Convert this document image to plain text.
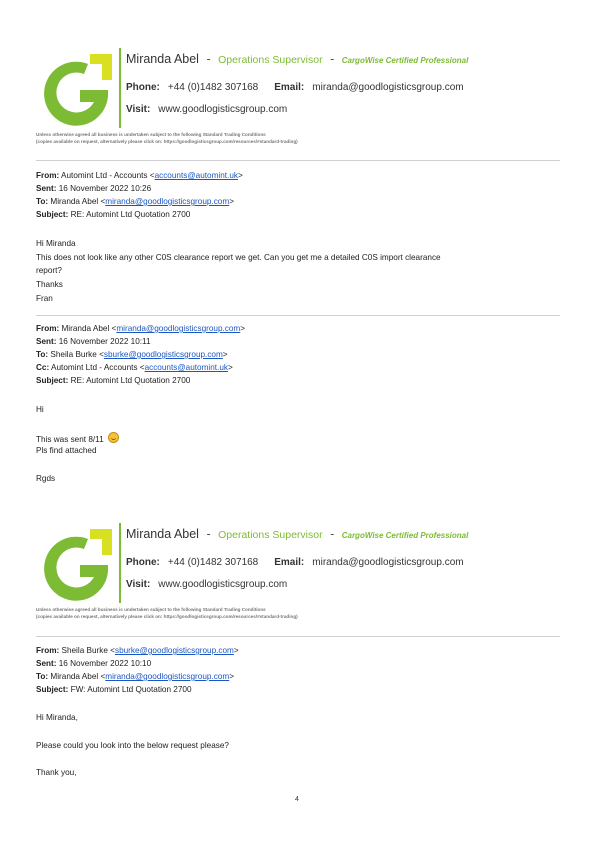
Miranda Abel - Operations Supervisor - CargoWise Certified Professional
Phone: +44 (0)1482 307168 Email: miranda@goodlogisticsgroup.com
Visit: www.goodlogisticsgroup.com
Unless otherwise agreed all business is undertaken subject to the following Standard Trading Conditions
(copies available on request, alternatively please click on: https://goodlogisticsgroup.com/resources/#standard-trading)
From: Automint Ltd - Accounts <accounts@automint.uk>
Sent: 16 November 2022 10:26
To: Miranda Abel <miranda@goodlogisticsgroup.com>
Subject: RE: Automint Ltd Quotation 2700
Hi Miranda
This does not look like any other C0S clearance report we get. Can you get me a detailed C0S import clearance
report?
Thanks
Fran
From: Miranda Abel <miranda@goodlogisticsgroup.com>
Sent: 16 November 2022 10:11
To: Sheila Burke <sburke@goodlogisticsgroup.com>
Cc: Automint Ltd - Accounts <accounts@automint.uk>
Subject: RE: Automint Ltd Quotation 2700
Hi
This was sent 8/11
Pls find attached
Rgds
Miranda Abel - Operations Supervisor - CargoWise Certified Professional
Phone: +44 (0)1482 307168 Email: miranda@goodlogisticsgroup.com
Visit: www.goodlogisticsgroup.com
Unless otherwise agreed all business is undertaken subject to the following Standard Trading Conditions
(copies available on request, alternatively please click on: https://goodlogisticsgroup.com/resources/#standard-trading)
From: Sheila Burke <sburke@goodlogisticsgroup.com>
Sent: 16 November 2022 10:10
To: Miranda Abel <miranda@goodlogisticsgroup.com>
Subject: FW: Automint Ltd Quotation 2700
Hi Miranda,
Please could you look into the below request please?
Thank you,
4
